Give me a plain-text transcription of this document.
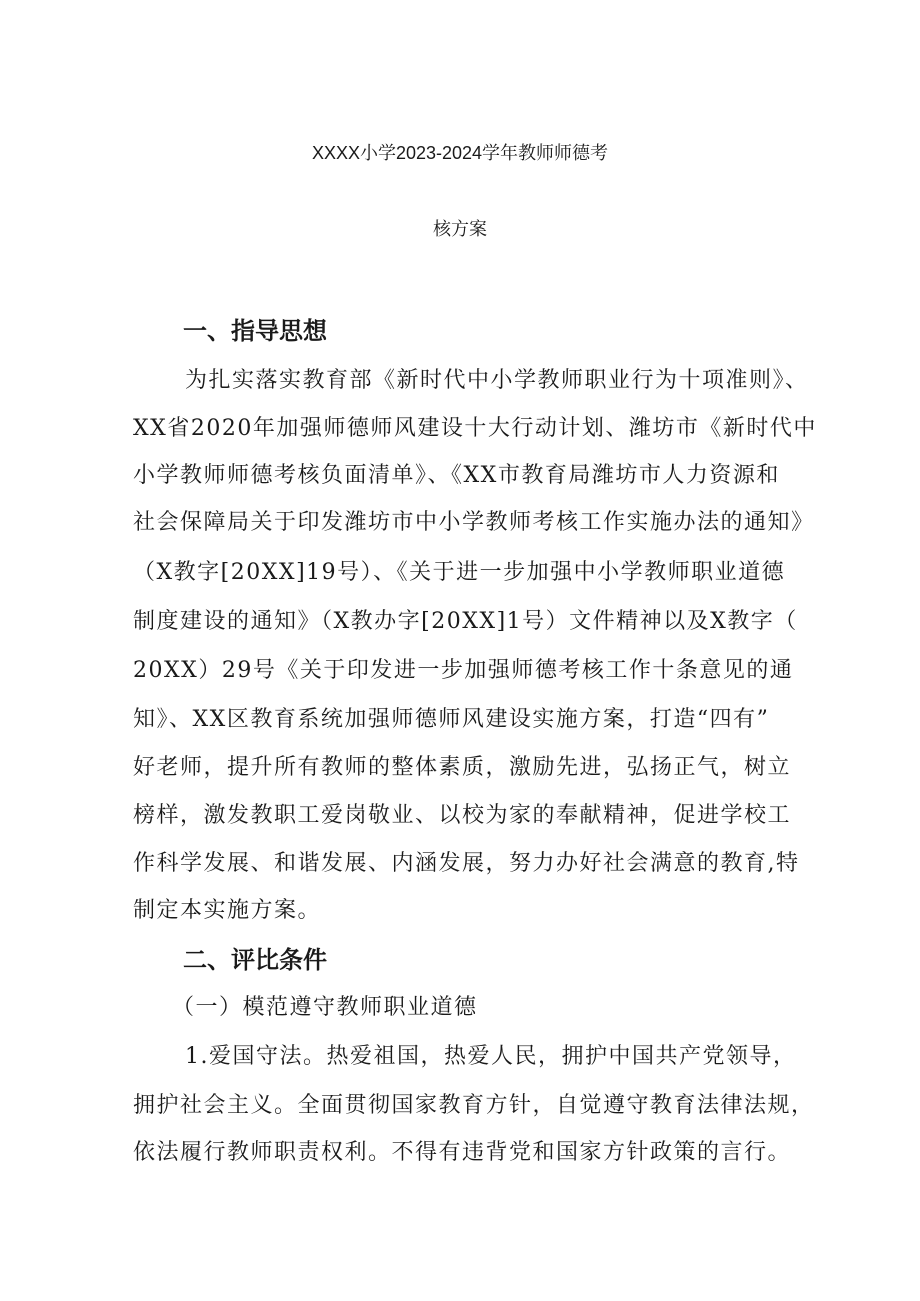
XXXX小学2023-2024学年教师师德考
核方案
一、指导思想
为扎实落实教育部《新时代中小学教师职业行为十项准则》、
XX省2020年加强师德师风建设十大行动计划、潍坊市《新时代中
小学教师师德考核负面清单》、《XX市教育局潍坊市人力资源和
社会保障局关于印发潍坊市中小学教师考核工作实施办法的通知》
（X教字[20XX]19号）、《关于进一步加强中小学教师职业道德
制度建设的通知》（X教办字[20XX]1号）文件精神以及X教字（
20XX）29号《关于印发进一步加强师德考核工作十条意见的通
知》、XX区教育系统加强师德师风建设实施方案，打造“四有”
好老师，提升所有教师的整体素质，激励先进，弘扬正气，树立
榜样，激发教职工爱岗敬业、以校为家的奉献精神，促进学校工
作科学发展、和谐发展、内涵发展，努力办好社会满意的教育,特
制定本实施方案。
二、评比条件
（一）模范遵守教师职业道德
1.爱国守法。热爱祖国，热爱人民，拥护中国共产党领导，
拥护社会主义。全面贯彻国家教育方针，自觉遵守教育法律法规，
依法履行教师职责权利。不得有违背党和国家方针政策的言行。
